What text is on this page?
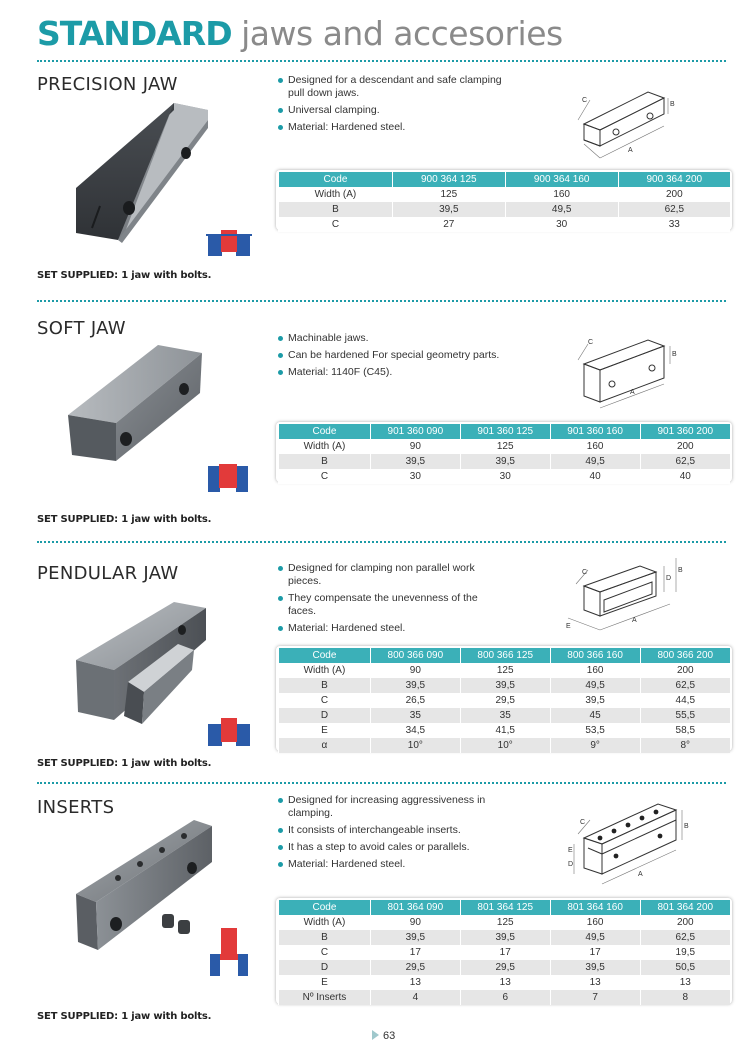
STANDARD jaws and accesories
PRECISION JAW	Designed for a descendant and safe clamping pull down jaws.
Universal clamping.
Material: Hardened steel.
C
B
A
Code	900 364 125	900 364 160	900 364 200
Width (A)	125	160	200
B	39,5	49,5	62,5
C	27	30	33
SET SUPPLIED: 1 jaw with bolts.
SOFT JAW	Machinable jaws.
Can be hardened For special geometry parts.
Material: 1140F (C45).
C
B
A
Code	901 360 090	901 360 125	901 360 160	901 360 200
Width (A)	90	125	160	200
B	39,5	39,5	49,5	62,5
C	30	30	40	40
SET SUPPLIED: 1 jaw with bolts.
PENDULAR JAW	Designed for clamping non parallel work pieces.
They compensate the unevenness of the faces.
Material: Hardened steel.
C
D
B
E
A
Code	800 366 090	800 366 125	800 366 160	800 366 200
Width (A)	90	125	160	200
B	39,5	39,5	49,5	62,5
C	26,5	29,5	39,5	44,5
D	35	35	45	55,5
E	34,5	41,5	53,5	58,5
α	10°	10°	9°	8°
SET SUPPLIED: 1 jaw with bolts.
INSERTS	Designed for increasing aggressiveness in clamping.
It consists of interchangeable inserts.
It has a step to avoid cales or parallels.
Material: Hardened steel.
C
E
D
B
A
Code	801 364 090	801 364 125	801 364 160	801 364 200
Width (A)	90	125	160	200
B	39,5	39,5	49,5	62,5
C	17	17	17	19,5
D	29,5	29,5	39,5	50,5
E	13	13	13	13
Nº Inserts	4	6	7	8
SET SUPPLIED: 1 jaw with bolts.
63
